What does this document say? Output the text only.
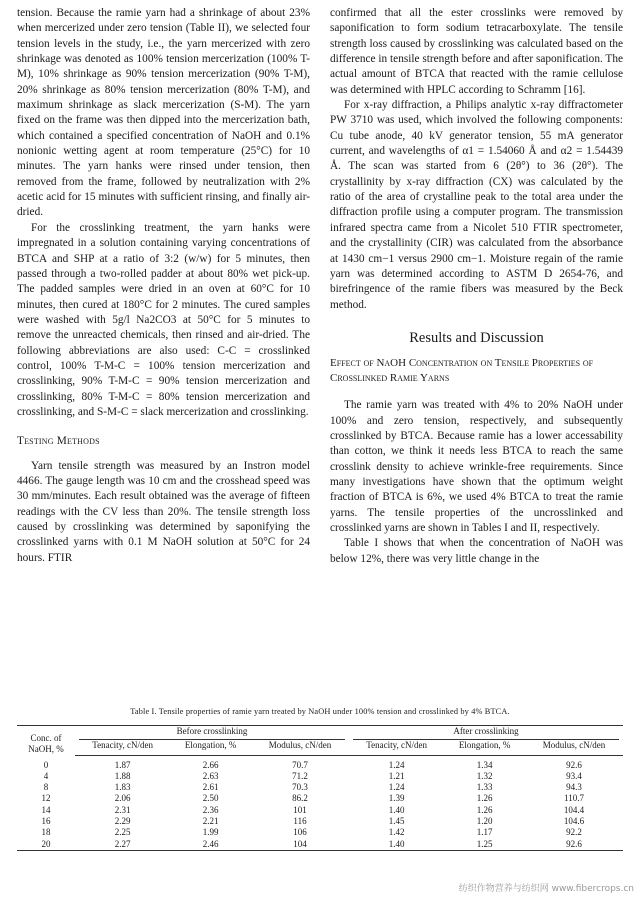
tension. Because the ramie yarn had a shrinkage of about 23% when mercerized under zero tension (Table II), we selected four tension levels in the study, i.e., the yarn mercerized with zero shrinkage was denoted as 100% tension mercerization (100% T-M), 10% shrinkage as 90% tension mercerization (90% T-M), 20% shrinkage as 80% tension mercerization (80% T-M), and maximum shrinkage as slack mercerization (S-M). The yarn fixed on the frame was then dipped into the mercerization bath, which contained a specified concentration of NaOH and 0.1% nonionic wetting agent at room temperature (25°C) for 10 minutes. The yarn hanks were rinsed under tension, then removed from the frame, followed by neutralization with 2% acetic acid for 15 minutes with sufficient rinsing, and finally air-dried.

For the crosslinking treatment, the yarn hanks were impregnated in a solution containing varying concentrations of BTCA and SHP at a ratio of 3:2 (w/w) for 5 minutes, then passed through a two-rolled padder at about 80% wet pick-up. The padded samples were dried in an oven at 60°C for 10 minutes, then cured at 180°C for 2 minutes. The cured samples were washed with 5g/l Na2CO3 at 50°C for 5 minutes to remove the unreacted chemicals, then rinsed and air-dried. The following abbreviations are also used: C-C = crosslinked control, 100% T-M-C = 100% tension mercerization and crosslinking, 90% T-M-C = 90% tension mercerization and crosslinking, 80% T-M-C = 80% tension mercerization and crosslinking, and S-M-C = slack mercerization and crosslinking.

Testing Methods

Yarn tensile strength was measured by an Instron model 4466. The gauge length was 10 cm and the crosshead speed was 30 mm/minutes. Each result obtained was the average of fifteen readings with the CV less than 20%. The tensile strength loss caused by crosslinking was determined by saponifying the crosslinked yarns with 0.1 M NaOH solution at 50°C for 24 hours. FTIR

confirmed that all the ester crosslinks were removed by saponification to form sodium tetracarboxylate. The tensile strength loss caused by crosslinking was calculated based on the difference in tensile strength before and after saponification. The actual amount of BTCA that reacted with the ramie cellulose was determined with HPLC according to Schramm [16].

For x-ray diffraction, a Philips analytic x-ray diffractometer PW 3710 was used, which involved the following components: Cu tube anode, 40 kV generator tension, 55 mA generator current, and wavelengths of α1 = 1.54060 Å and α2 = 1.54439 Å. The scan was started from 6 (2θ°) to 36 (2θ°). The crystallinity by x-ray diffraction (CX) was calculated by the ratio of the area of crystalline peak to the total area under the diffraction profile using a computer program. The transmission infrared spectra came from a Nicolet 510 FTIR spectrometer, and the crystallinity (CIR) was calculated from the absorbance at 1430 cm−1 versus 2900 cm−1. Moisture regain of the ramie yarn was determined according to ASTM D 2654-76, and birefringence of the ramie fibers was measured by the Beck method.

Results and Discussion
Effect of NaOH Concentration on Tensile Properties of Crosslinked Ramie Yarns

The ramie yarn was treated with 4% to 20% NaOH under 100% and zero tension, respectively, and subsequently crosslinked by BTCA. Because ramie has a lower accessability than cotton, we think it needs less BTCA to reach the same crosslink density to achieve wrinkle-free requirements. Since many investigations have shown that the optimum weight fraction of BTCA is 6%, we used 4% BTCA to treat the ramie yarns. The tensile properties of the uncrosslinked and crosslinked yarns are shown in Tables I and II, respectively.

Table I shows that when the concentration of NaOH was below 12%, there was very little change in the

Table I. Tensile properties of ramie yarn treated by NaOH under 100% tension and crosslinked by 4% BTCA.
Conc. of NaOH, %	Before crosslinking			After crosslinking		

	Tenacity, cN/den	Elongation, %	Modulus, cN/den	Tenacity, cN/den	Elongation, %	Modulus, cN/den
0	1.87	2.66	70.7	1.24	1.34	92.6
4	1.88	2.63	71.2	1.21	1.32	93.4
8	1.83	2.61	70.3	1.24	1.33	94.3
12	2.06	2.50	86.2	1.39	1.26	110.7
14	2.31	2.36	101	1.40	1.26	104.4
16	2.29	2.21	116	1.45	1.20	104.6
18	2.25	1.99	106	1.42	1.17	92.2
20	2.27	2.46	104	1.40	1.25	92.6
纺织作物营养与纺织网 www.fibercrops.cn
